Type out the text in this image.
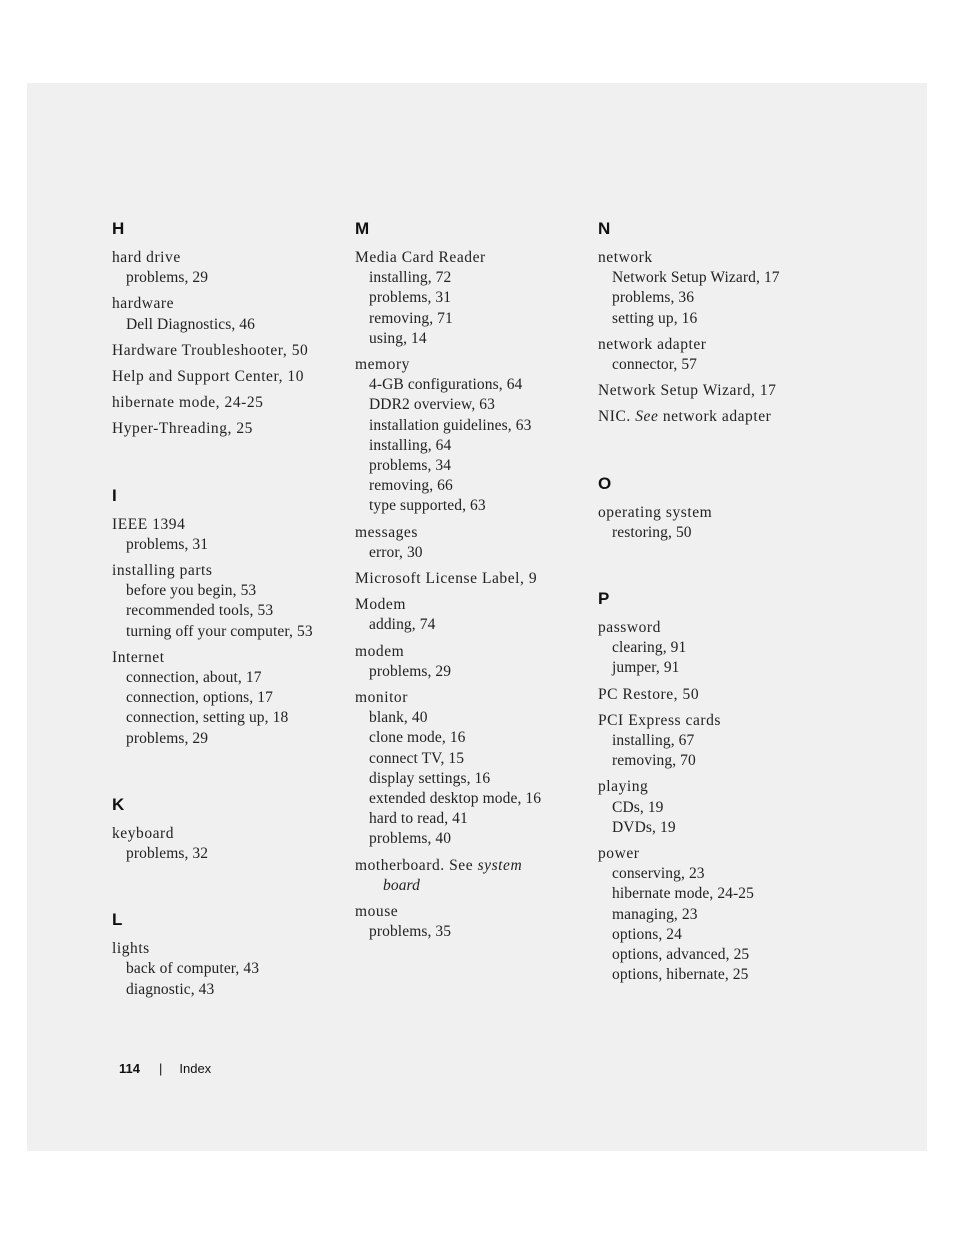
H
hard drive
problems, 29
hardware
Dell Diagnostics, 46
Hardware Troubleshooter, 50
Help and Support Center, 10
hibernate mode, 24-25
Hyper-Threading, 25
I
IEEE 1394
problems, 31
installing parts
before you begin, 53
recommended tools, 53
turning off your computer, 53
Internet
connection, about, 17
connection, options, 17
connection, setting up, 18
problems, 29
K
keyboard
problems, 32
L
lights
back of computer, 43
diagnostic, 43
M
Media Card Reader
installing, 72
problems, 31
removing, 71
using, 14
memory
4-GB configurations, 64
DDR2 overview, 63
installation guidelines, 63
installing, 64
problems, 34
removing, 66
type supported, 63
messages
error, 30
Microsoft License Label, 9
Modem
adding, 74
modem
problems, 29
monitor
blank, 40
clone mode, 16
connect TV, 15
display settings, 16
extended desktop mode, 16
hard to read, 41
problems, 40
motherboard. See system
board
mouse
problems, 35
N
network
Network Setup Wizard, 17
problems, 36
setting up, 16
network adapter
connector, 57
Network Setup Wizard, 17
NIC. See network adapter
O
operating system
restoring, 50
P
password
clearing, 91
jumper, 91
PC Restore, 50
PCI Express cards
installing, 67
removing, 70
playing
CDs, 19
DVDs, 19
power
conserving, 23
hibernate mode, 24-25
managing, 23
options, 24
options, advanced, 25
options, hibernate, 25
114 | Index
